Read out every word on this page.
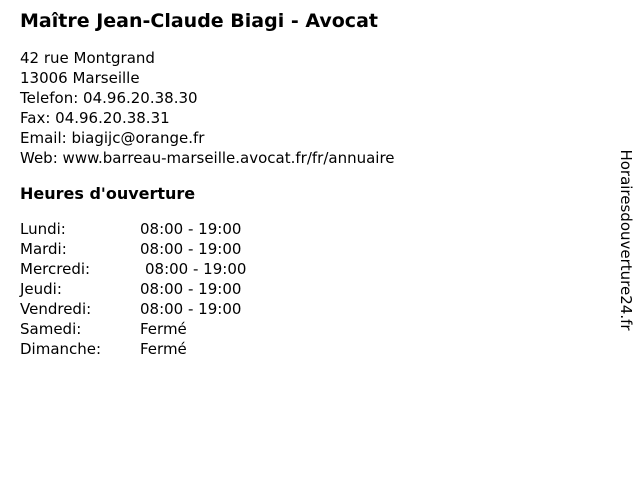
Maître Jean-Claude Biagi - Avocat
42 rue Montgrand
13006 Marseille
Telefon: 04.96.20.38.30
Fax: 04.96.20.38.31
Email: biagijc@orange.fr
Web: www.barreau-marseille.avocat.fr/fr/annuaire
Heures d'ouverture
Lundi:	08:00 - 19:00
Mardi:	08:00 - 19:00
Mercredi:	08:00 - 19:00
Jeudi:	08:00 - 19:00
Vendredi:	08:00 - 19:00
Samedi:	Fermé
Dimanche:	Fermé
Horairesdouverture24.fr
